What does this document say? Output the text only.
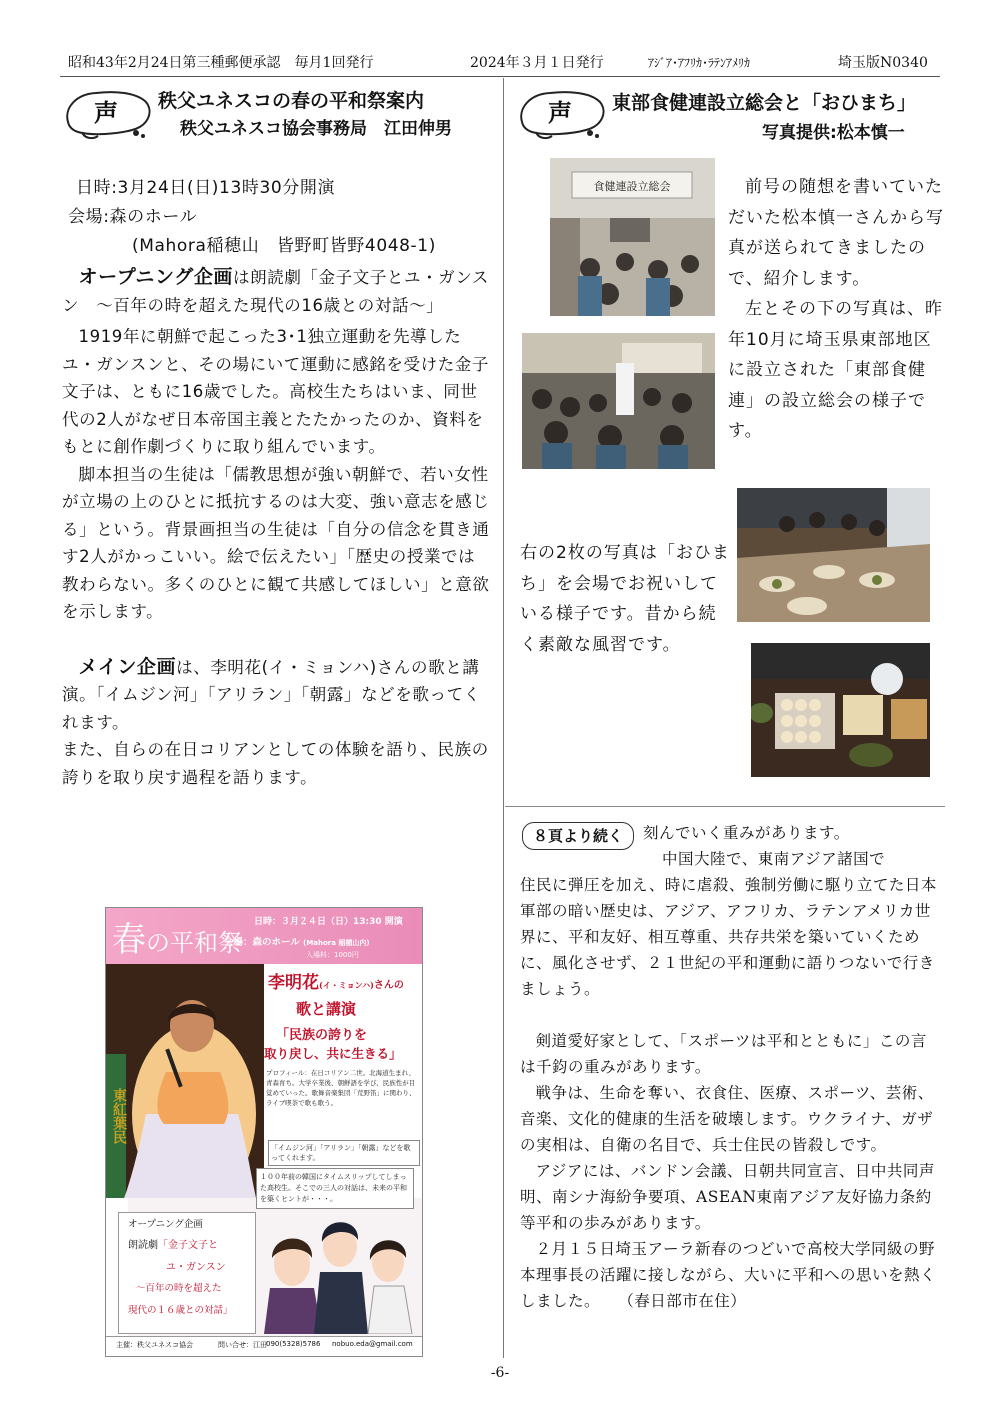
昭和43年2月24日第三種郵便承認　毎月1回発行	2024年３月１日発行	ｱｼﾞｱ･ｱﾌﾘｶ･ﾗﾃﾝｱﾒﾘｶ	埼玉版N0340
声 秩父ユネスコの春の平和祭案内
秩父ユネスコ協会事務局　江田伸男

日時:3月24日(日)13時30分開演

会場:森のホール

(Mahora稲穂山　皆野町皆野4048-1)

オープニング企画は朗読劇「金子文子とユ・ガンスン　～百年の時を超えた現代の16歳との対話～」

1919年に朝鮮で起こった3･1独立運動を先導したユ・ガンスンと、その場にいて運動に感銘を受けた金子文子は、ともに16歳でした。高校生たちはいま、同世代の2人がなぜ日本帝国主義とたたかったのか、資料をもとに創作劇づくりに取り組んでいます。

脚本担当の生徒は「儒教思想が強い朝鮮で、若い女性が立場の上のひとに抵抗するのは大変、強い意志を感じる」という。背景画担当の生徒は「自分の信念を貫き通す2人がかっこいい。絵で伝えたい」「歴史の授業では教わらない。多くのひとに観て共感してほしい」と意欲を示します。

メイン企画は、李明花(イ・ミョンハ)さんの歌と講演。「イムジン河」「アリラン」「朝露」などを歌ってくれます。

また、自らの在日コリアンとしての体験を語り、民族の誇りを取り戻す過程を語ります。

春の平和祭
日時：３月２４日（日）13:30 開演
会場：森のホール (Mahora 稲穂山内)
入場料：1000円
東紅葉民
李明花(イ・ミョンハ)さんの
歌と講演
「民族の誇りを
取り戻し、共に生きる」
プロフィール：在日コリアン二世。北海道生まれ、青森育ち。大学卒業後、朝鮮語を学び、民族性が目覚めていった。歌舞音楽集団「荒野笛」に関わり、ライブ喫茶で歌も歌う。
「イムジン河」「アリラン」「朝露」などを歌ってくれます。
１００年前の韓国にタイムスリップしてしまった高校生。そこでの三人の対話は、未来の平和を築くヒントが・・・。
オープニング企画
朗読劇「金子文子と
ユ・ガンスン
～百年の時を超えた
現代の１６歳との対話」
主催：秩父ユネスコ協会	問い合せ：江田 090(5328)5786 nobuo.eda@gmail.com
声 東部食健連設立総会と「おひまち」
写真提供:松本慎一
食健連設立総会	前号の随想を書いていただいた松本慎一さんから写真が送られてきましたので、紹介します。
左とその下の写真は、昨年10月に埼玉県東部地区に設立された「東部食健連」の設立総会の様子です。
右の2枚の写真は「おひまち」を会場でお祝いしている様子です。昔から続く素敵な風習です。
８頁より続く	刻んでいく重みがあります。
中国大陸で、東南アジア諸国で

住民に弾圧を加え、時に虐殺、強制労働に駆り立てた日本軍部の暗い歴史は、アジア、アフリカ、ラテンアメリカ世界に、平和友好、相互尊重、共存共栄を築いていくために、風化させず、２１世紀の平和運動に語りつないで行きましょう。

剣道愛好家として、「スポーツは平和とともに」この言は千鈞の重みがあります。

戦争は、生命を奪い、衣食住、医療、スポーツ、芸術、音楽、文化的健康的生活を破壊します。ウクライナ、ガザの実相は、自衛の名目で、兵士住民の皆殺しです。

アジアには、バンドン会議、日朝共同宣言、日中共同声明、南シナ海紛争要項、ASEAN東南アジア友好協力条約等平和の歩みがあります。

２月１５日埼玉アーラ新春のつどいで高校大学同級の野本理事長の活躍に接しながら、大いに平和への思いを熱くしました。 （春日部市在住）

-6-
